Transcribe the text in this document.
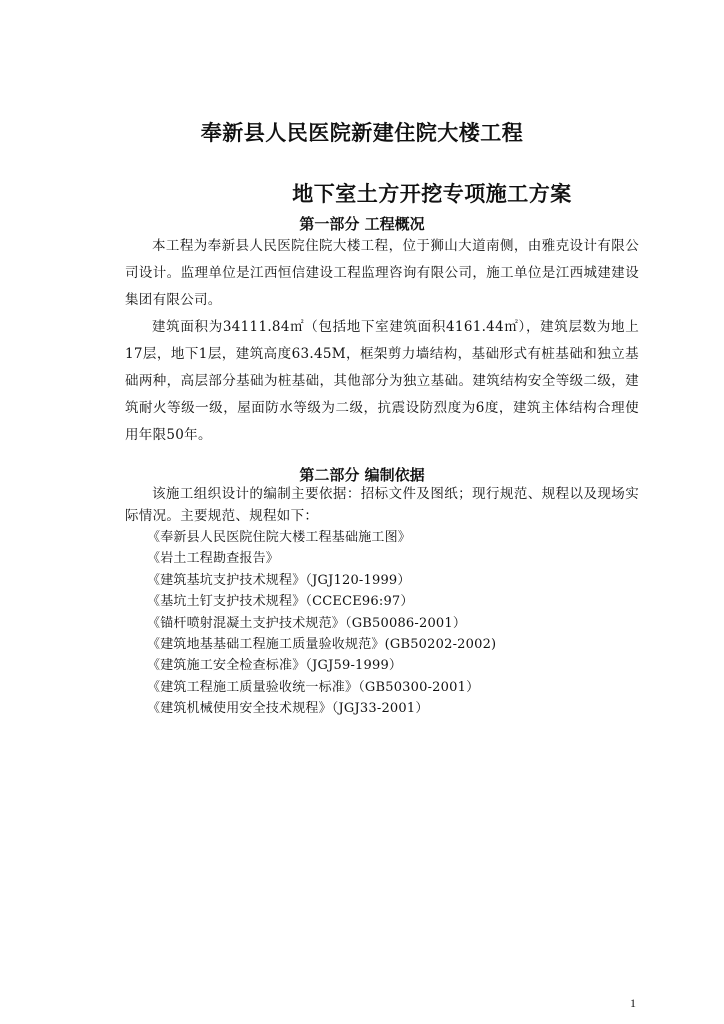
奉新县人民医院新建住院大楼工程
地下室土方开挖专项施工方案
第一部分 工程概况
本工程为奉新县人民医院住院大楼工程，位于狮山大道南侧，由雅克设计有限公司设计。监理单位是江西恒信建设工程监理咨询有限公司，施工单位是江西城建建设集团有限公司。
建筑面积为34111.84㎡（包括地下室建筑面积4161.44㎡），建筑层数为地上17层，地下1层，建筑高度63.45M，框架剪力墙结构，基础形式有桩基础和独立基础两种，高层部分基础为桩基础，其他部分为独立基础。建筑结构安全等级二级，建筑耐火等级一级，屋面防水等级为二级，抗震设防烈度为6度，建筑主体结构合理使用年限50年。
第二部分 编制依据
该施工组织设计的编制主要依据：招标文件及图纸；现行规范、规程以及现场实际情况。主要规范、规程如下：
《奉新县人民医院住院大楼工程基础施工图》
《岩土工程勘查报告》
《建筑基坑支护技术规程》（JGJ120-1999）
《基坑土钉支护技术规程》（CCECE96:97）
《锚杆喷射混凝土支护技术规范》（GB50086-2001）
《建筑地基基础工程施工质量验收规范》(GB50202-2002)
《建筑施工安全检查标准》（JGJ59-1999）
《建筑工程施工质量验收统一标准》（GB50300-2001）
《建筑机械使用安全技术规程》（JGJ33-2001）
1
